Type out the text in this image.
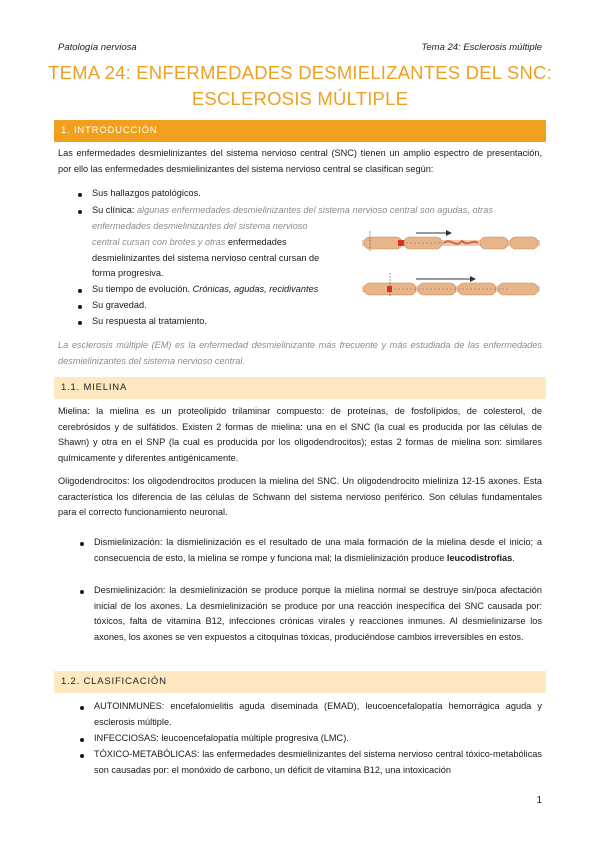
Patología nerviosa	Tema 24: Esclerosis múltiple
TEMA 24: ENFERMEDADES DESMIELIZANTES DEL SNC:
ESCLEROSIS MÚLTIPLE
1. INTRODUCCIÓN

Las enfermedades desmielinizantes del sistema nervioso central (SNC) tienen un amplio espectro de presentación, por ello las enfermedades desmielinizantes del sistema nervioso central se clasifican según:

Sus hallazgos patológicos.

Su clínica: algunas enfermedades desmielinizantes del sistema nervioso central son agudas, otras

enfermedades desmielinizantes del sistema nervioso

central cursan con brotes y otras enfermedades

desmielinizantes del sistema nervioso central cursan de

forma progresiva.

Su tiempo de evolución. Crónicas, agudas, recidivantes

Su gravedad.

Su respuesta al tratamiento.

La esclerosis múltiple (EM) es la enfermedad desmielinizante más frecuente y más estudiada de las enfermedades desmielinizantes del sistema nervioso central.

1.1. MIELINA

Mielina: la mielina es un proteolípido trilaminar compuesto: de proteínas, de fosfolípidos, de colesterol, de cerebrósidos y de sulfátidos. Existen 2 formas de mielina: una en el SNC (la cual es producida por las células de Shawn) y otra en el SNP (la cual es producida por los oligodendrocitos); estas 2 formas de mielina son: similares químicamente y diferentes antigénicamente.

Oligodendrocitos: los oligodendrocitos producen la mielina del SNC. Un oligodendrocito mieliniza 12-15 axones. Esta característica los diferencia de las células de Schwann del sistema nervioso periférico. Son células fundamentales para el correcto funcionamiento neuronal.

Dismielinización: la dismielinización es el resultado de una mala formación de la mielina desde el inicio; a consecuencia de esto, la mielina se rompe y funciona mal; la dismielinización produce leucodistrofias.

Desmielinización: la desmielinización se produce porque la mielina normal se destruye sin/poca afectación inicial de los axones. La desmielinización se produce por una reacción inespecífica del SNC causada por: tóxicos, falta de vitamina B12, infecciones crónicas virales y reacciones inmunes. Al desmielinizarse los axones, los axones se ven expuestos a citoquinas tóxicas, produciéndose cambios irreversibles en estos.

1.2. CLASIFICACIÓN

AUTOINMUNES: encefalomielitis aguda diseminada (EMAD), leucoencefalopatía hemorrágica aguda y esclerosis múltiple.

INFECCIOSAS: leucoencefalopatía múltiple progresiva (LMC).

TÓXICO-METABÓLICAS: las enfermedades desmielinizantes del sistema nervioso central tóxico-metabólicas son causadas por: el monóxido de carbono, un déficit de vitamina B12, una intoxicación

1
